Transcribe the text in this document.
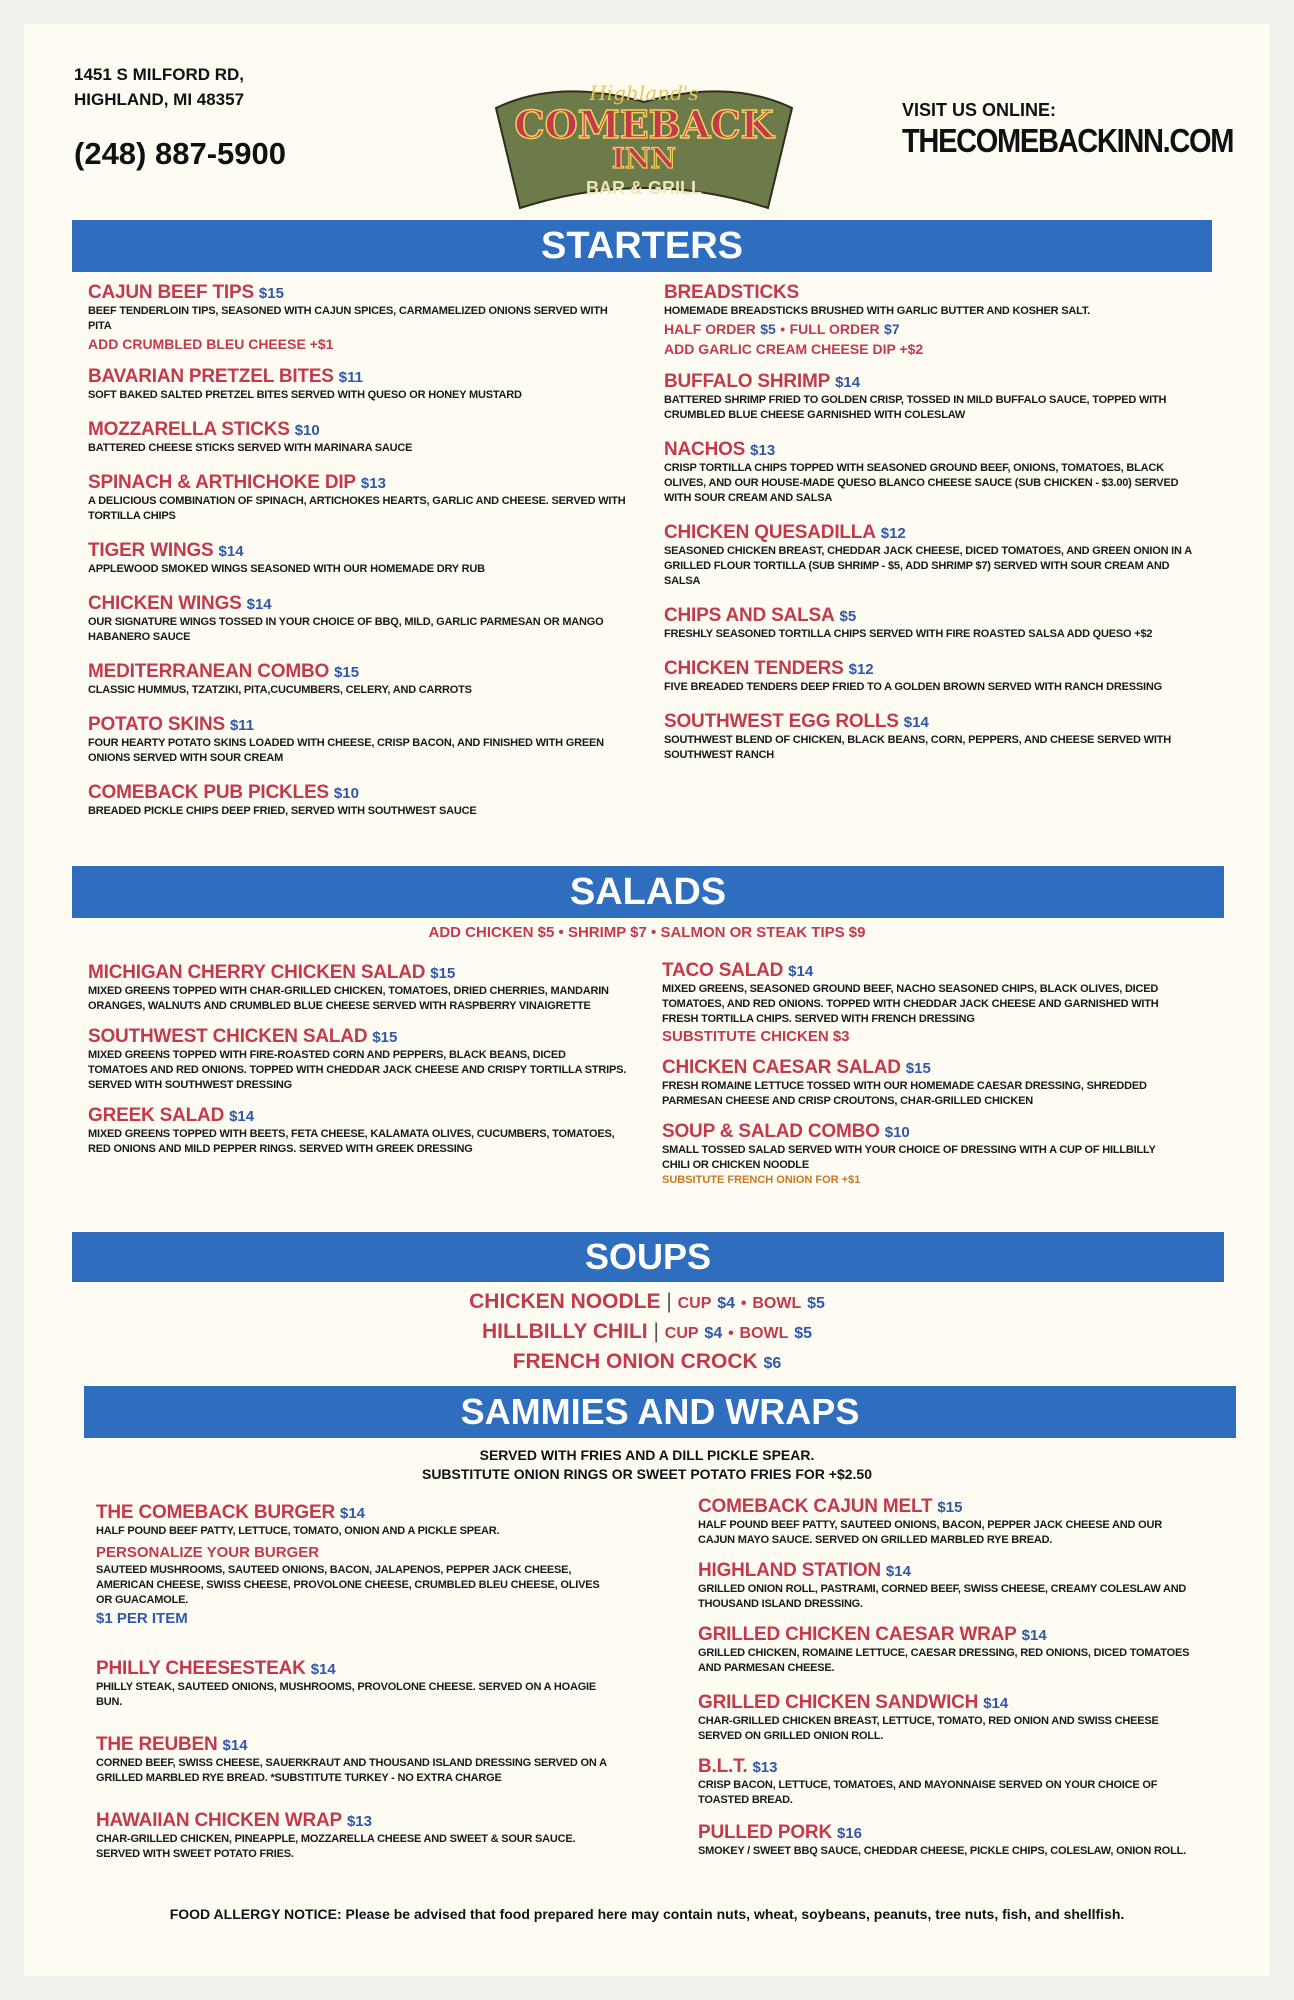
1451 S MILFORD RD,
HIGHLAND, MI 48357
(248) 887-5900
VISIT US ONLINE:
THECOMEBACKINN.COM
Highland's
COMEBACK
INN
BAR & GRILL
STARTERS
CAJUN BEEF TIPS $15
BEEF TENDERLOIN TIPS, SEASONED WITH CAJUN SPICES, CARMAMELIZED ONIONS SERVED WITH PITA
ADD CRUMBLED BLEU CHEESE +$1
BAVARIAN PRETZEL BITES $11
SOFT BAKED SALTED PRETZEL BITES SERVED WITH QUESO OR HONEY MUSTARD
MOZZARELLA STICKS $10
BATTERED CHEESE STICKS SERVED WITH MARINARA SAUCE
SPINACH & ARTHICHOKE DIP $13
A DELICIOUS COMBINATION OF SPINACH, ARTICHOKES HEARTS, GARLIC AND CHEESE. SERVED WITH TORTILLA CHIPS
TIGER WINGS $14
APPLEWOOD SMOKED WINGS SEASONED WITH OUR HOMEMADE DRY RUB
CHICKEN WINGS $14
OUR SIGNATURE WINGS TOSSED IN YOUR CHOICE OF BBQ, MILD, GARLIC PARMESAN OR MANGO HABANERO SAUCE
MEDITERRANEAN COMBO $15
CLASSIC HUMMUS, TZATZIKI, PITA,CUCUMBERS, CELERY, AND CARROTS
POTATO SKINS $11
FOUR HEARTY POTATO SKINS LOADED WITH CHEESE, CRISP BACON, AND FINISHED WITH GREEN ONIONS SERVED WITH SOUR CREAM
COMEBACK PUB PICKLES $10
BREADED PICKLE CHIPS DEEP FRIED, SERVED WITH SOUTHWEST SAUCE
BREADSTICKS
HOMEMADE BREADSTICKS BRUSHED WITH GARLIC BUTTER AND KOSHER SALT.
HALF ORDER $5 • FULL ORDER $7
ADD GARLIC CREAM CHEESE DIP +$2
BUFFALO SHRIMP $14
BATTERED SHRIMP FRIED TO GOLDEN CRISP, TOSSED IN MILD BUFFALO SAUCE, TOPPED WITH CRUMBLED BLUE CHEESE GARNISHED WITH COLESLAW
NACHOS $13
CRISP TORTILLA CHIPS TOPPED WITH SEASONED GROUND BEEF, ONIONS, TOMATOES, BLACK OLIVES, AND OUR HOUSE-MADE QUESO BLANCO CHEESE SAUCE (SUB CHICKEN - $3.00) SERVED WITH SOUR CREAM AND SALSA
CHICKEN QUESADILLA $12
SEASONED CHICKEN BREAST, CHEDDAR JACK CHEESE, DICED TOMATOES, AND GREEN ONION IN A GRILLED FLOUR TORTILLA (SUB SHRIMP - $5, ADD SHRIMP $7) SERVED WITH SOUR CREAM AND SALSA
CHIPS AND SALSA $5
FRESHLY SEASONED TORTILLA CHIPS SERVED WITH FIRE ROASTED SALSA ADD QUESO +$2
CHICKEN TENDERS $12
FIVE BREADED TENDERS DEEP FRIED TO A GOLDEN BROWN SERVED WITH RANCH DRESSING
SOUTHWEST EGG ROLLS $14
SOUTHWEST BLEND OF CHICKEN, BLACK BEANS, CORN, PEPPERS, AND CHEESE SERVED WITH SOUTHWEST RANCH
SALADS
ADD CHICKEN $5 • SHRIMP $7 • SALMON OR STEAK TIPS $9
MICHIGAN CHERRY CHICKEN SALAD $15
MIXED GREENS TOPPED WITH CHAR-GRILLED CHICKEN, TOMATOES, DRIED CHERRIES, MANDARIN ORANGES, WALNUTS AND CRUMBLED BLUE CHEESE SERVED WITH RASPBERRY VINAIGRETTE
SOUTHWEST CHICKEN SALAD $15
MIXED GREENS TOPPED WITH FIRE-ROASTED CORN AND PEPPERS, BLACK BEANS, DICED TOMATOES AND RED ONIONS. TOPPED WITH CHEDDAR JACK CHEESE AND CRISPY TORTILLA STRIPS. SERVED WITH SOUTHWEST DRESSING
GREEK SALAD $14
MIXED GREENS TOPPED WITH BEETS, FETA CHEESE, KALAMATA OLIVES, CUCUMBERS, TOMATOES, RED ONIONS AND MILD PEPPER RINGS. SERVED WITH GREEK DRESSING
TACO SALAD $14
MIXED GREENS, SEASONED GROUND BEEF, NACHO SEASONED CHIPS, BLACK OLIVES, DICED TOMATOES, AND RED ONIONS. TOPPED WITH CHEDDAR JACK CHEESE AND GARNISHED WITH FRESH TORTILLA CHIPS. SERVED WITH FRENCH DRESSING
SUBSTITUTE CHICKEN $3
CHICKEN CAESAR SALAD $15
FRESH ROMAINE LETTUCE TOSSED WITH OUR HOMEMADE CAESAR DRESSING, SHREDDED PARMESAN CHEESE AND CRISP CROUTONS, CHAR-GRILLED CHICKEN
SOUP & SALAD COMBO $10
SMALL TOSSED SALAD SERVED WITH YOUR CHOICE OF DRESSING WITH A CUP OF HILLBILLY CHILI OR CHICKEN NOODLE
SUBSITUTE FRENCH ONION FOR +$1
SOUPS
CHICKEN NOODLE | CUP $4 • BOWL $5
HILLBILLY CHILI | CUP $4 • BOWL $5
FRENCH ONION CROCK $6
SAMMIES AND WRAPS
SERVED WITH FRIES AND A DILL PICKLE SPEAR.
SUBSTITUTE ONION RINGS OR SWEET POTATO FRIES FOR +$2.50
THE COMEBACK BURGER $14
HALF POUND BEEF PATTY, LETTUCE, TOMATO, ONION AND A PICKLE SPEAR.
PERSONALIZE YOUR BURGER
SAUTEED MUSHROOMS, SAUTEED ONIONS, BACON, JALAPENOS, PEPPER JACK CHEESE, AMERICAN CHEESE, SWISS CHEESE, PROVOLONE CHEESE, CRUMBLED BLEU CHEESE, OLIVES OR GUACAMOLE.
$1 PER ITEM
PHILLY CHEESESTEAK $14
PHILLY STEAK, SAUTEED ONIONS, MUSHROOMS, PROVOLONE CHEESE. SERVED ON A HOAGIE BUN.
THE REUBEN $14
CORNED BEEF, SWISS CHEESE, SAUERKRAUT AND THOUSAND ISLAND DRESSING SERVED ON A GRILLED MARBLED RYE BREAD. *SUBSTITUTE TURKEY - NO EXTRA CHARGE
HAWAIIAN CHICKEN WRAP $13
CHAR-GRILLED CHICKEN, PINEAPPLE, MOZZARELLA CHEESE AND SWEET & SOUR SAUCE. SERVED WITH SWEET POTATO FRIES.
COMEBACK CAJUN MELT $15
HALF POUND BEEF PATTY, SAUTEED ONIONS, BACON, PEPPER JACK CHEESE AND OUR CAJUN MAYO SAUCE. SERVED ON GRILLED MARBLED RYE BREAD.
HIGHLAND STATION $14
GRILLED ONION ROLL, PASTRAMI, CORNED BEEF, SWISS CHEESE, CREAMY COLESLAW AND THOUSAND ISLAND DRESSING.
GRILLED CHICKEN CAESAR WRAP $14
GRILLED CHICKEN, ROMAINE LETTUCE, CAESAR DRESSING, RED ONIONS, DICED TOMATOES AND PARMESAN CHEESE.
GRILLED CHICKEN SANDWICH $14
CHAR-GRILLED CHICKEN BREAST, LETTUCE, TOMATO, RED ONION AND SWISS CHEESE SERVED ON GRILLED ONION ROLL.
B.L.T. $13
CRISP BACON, LETTUCE, TOMATOES, AND MAYONNAISE SERVED ON YOUR CHOICE OF TOASTED BREAD.
PULLED PORK $16
SMOKEY / SWEET BBQ SAUCE, CHEDDAR CHEESE, PICKLE CHIPS, COLESLAW, ONION ROLL.
FOOD ALLERGY NOTICE: Please be advised that food prepared here may contain nuts, wheat, soybeans, peanuts, tree nuts, fish, and shellfish.
